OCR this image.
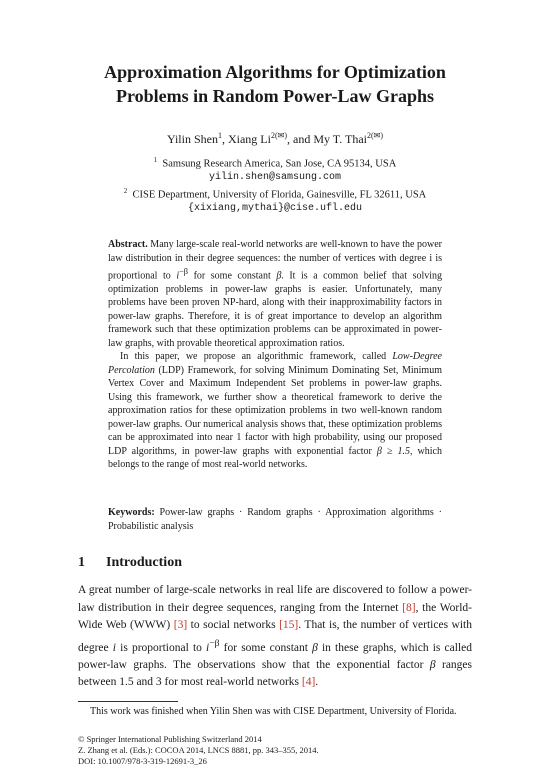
Approximation Algorithms for Optimization
Problems in Random Power-Law Graphs
Yilin Shen$^1$, Xiang $Li^{2(✉)}$, and My T. Thai$^{2(✉)}$
$^1$ Samsung Research America, San Jose, CA 95134, USA
yilin.shen@samsung.com
$^2$ CISE Department, University of Florida, Gainesville, FL 32611, USA
{xixiang,mythai}@cise.ufl.edu

Abstract. Many large-scale real-world networks are well-known to have the power law distribution in their degree sequences: the number of vertices with degree i is proportional to $i^{-\beta}$ for some constant β. It is a common belief that solving optimization problems in power-law graphs is easier. Unfortunately, many problems have been proven NP-hard, along with their inapproximability factors in power-law graphs. Therefore, it is of great importance to develop an algorithm framework such that these optimization problems can be approximated in power-law graphs, with provable theoretical approximation ratios.

In this paper, we propose an algorithmic framework, called Low-Degree Percolation (LDP) Framework, for solving Minimum Dominating Set, Minimum Vertex Cover and Maximum Independent Set problems in power-law graphs. Using this framework, we further show a theoretical framework to derive the approximation ratios for these optimization problems in two well-known random power-law graphs. Our numerical analysis shows that, these optimization problems can be approximated into near 1 factor with high probability, using our proposed LDP algorithms, in power-law graphs with exponential factor β ≥ 1.5, which belongs to the range of most real-world networks.

Keywords: Power-law graphs · Random graphs · Approximation algorithms · Probabilistic analysis
1 Introduction

A great number of large-scale networks in real life are discovered to follow a power-law distribution in their degree sequences, ranging from the Internet [8], the World-Wide Web (WWW) [3] to social networks [15]. That is, the number of vertices with degree i is proportional to $i^{-\beta}$ for some constant β in these graphs, which is called power-law graphs. The observations show that the exponential factor β ranges between 1.5 and 3 for most real-world networks [4].

This work was finished when Yilin Shen was with CISE Department, University of Florida.

© Springer International Publishing Switzerland 2014
Z. Zhang et al. (Eds.): COCOA 2014, LNCS 8881, pp. 343–355, 2014.
DOI: 10.1007/978-3-319-12691-3_26
